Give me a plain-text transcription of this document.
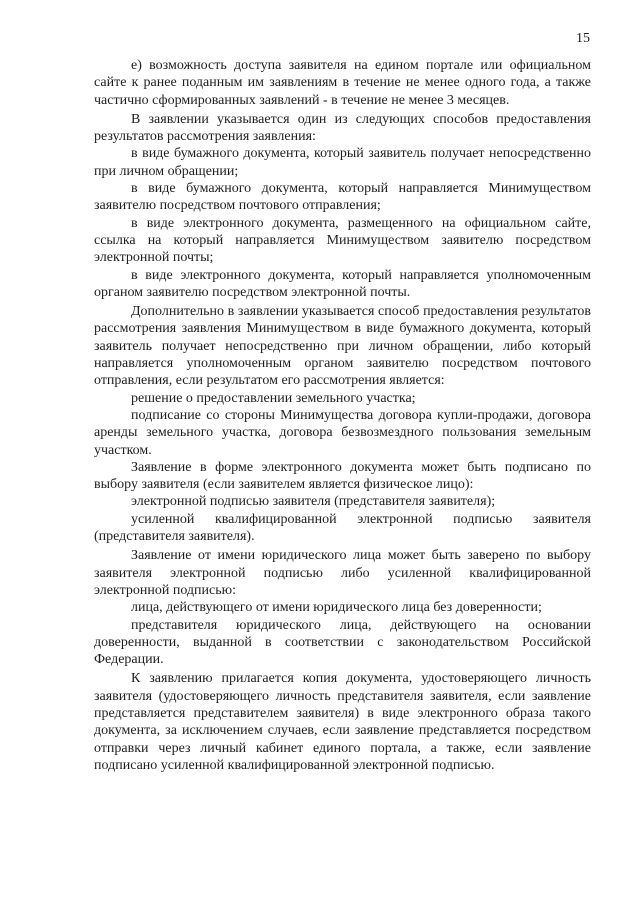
15

е) возможность доступа заявителя на едином портале или официальном сайте к ранее поданным им заявлениям в течение не менее одного года, а также частично сформированных заявлений - в течение не менее 3 месяцев.

В заявлении указывается один из следующих способов предоставления результатов рассмотрения заявления:

в виде бумажного документа, который заявитель получает непосредственно при личном обращении;

в виде бумажного документа, который направляется Минимуществом заявителю посредством почтового отправления;

в виде электронного документа, размещенного на официальном сайте, ссылка на который направляется Минимуществом заявителю посредством электронной почты;

в виде электронного документа, который направляется уполномоченным органом заявителю посредством электронной почты.

Дополнительно в заявлении указывается способ предоставления результатов рассмотрения заявления Минимуществом в виде бумажного документа, который заявитель получает непосредственно при личном обращении, либо который направляется уполномоченным органом заявителю посредством почтового отправления, если результатом его рассмотрения является:

решение о предоставлении земельного участка;

подписание со стороны Минимущества договора купли-продажи, договора аренды земельного участка, договора безвозмездного пользования земельным участком.

Заявление в форме электронного документа может быть подписано по выбору заявителя (если заявителем является физическое лицо):

электронной подписью заявителя (представителя заявителя);

усиленной квалифицированной электронной подписью заявителя (представителя заявителя).

Заявление от имени юридического лица может быть заверено по выбору заявителя электронной подписью либо усиленной квалифицированной электронной подписью:

лица, действующего от имени юридического лица без доверенности;

представителя юридического лица, действующего на основании доверенности, выданной в соответствии с законодательством Российской Федерации.

К заявлению прилагается копия документа, удостоверяющего личность заявителя (удостоверяющего личность представителя заявителя, если заявление представляется представителем заявителя) в виде электронного образа такого документа, за исключением случаев, если заявление представляется посредством отправки через личный кабинет единого портала, а также, если заявление подписано усиленной квалифицированной электронной подписью.
